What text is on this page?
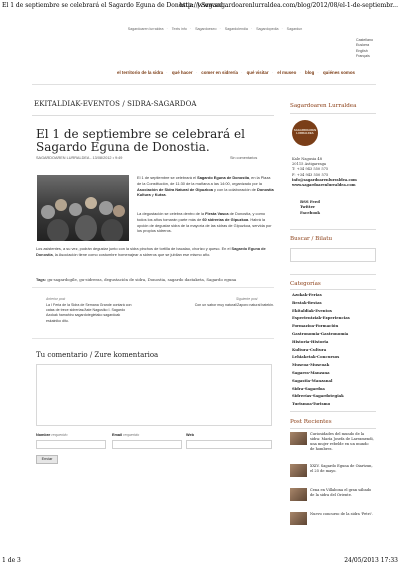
El 1 de septiembre se celebrará el Sagardo Eguna de Donostia. | Sagard...
http://www.sagardoarenlurraldea.com/blog/2012/08/el-1-de-septiembr...
Sagardoaren lurraldea · Texts info · Sagardoeseo · Sagardolendia · Sagardopedia · Sagardun
Castellano
Euskera
English
Français
el territorio de la sidra · qué hacer · comer en sidrería · qué visitar · el museo · blog · quiénes somos
EKITALDIAK-EVENTOS / SIDRA-SAGARDOA
El 1 de septiembre se celebrará el Sagardo Eguna de Donostia.
SAGARDOAREN LURRALDEA - 13/08/2012 • 9:49	Sin comentarios
El 1 de septiembre se celebrará el Sagardo Eguna de Donostia, en la Plaza de la Constitución, de 11:30 de la mañana a las 14:00, organizado por la Asociación de Sidra Natural de Gipuzkoa y con la colaboración de Donostia Kultura y Kutxa.
La degustación se celebra dentro de la Fiesta Vasca de Donostia, y como todos los años tomarán parte más de 60 sidrerías de Gipuzkoa. Habrá la opción de degustar sidra de la mayoría de las sidras de Gipuzkoa, servida por los propios sidreros.
Los asistentes, a su vez, podrán degustar junto con la sidra pinchos de tortilla de bacalao, chorizo y queso. En el Sagardo Eguna de Donostia, la Asociación tiene como costumbre homenajear a sidreros que se jubilan ese mismo año.
Tags: gu-sagardogile, gu-sidreras, degustación de sidra, Donostia, sagardo dastaketa, Sagardo eguna
Anterior post
La I Feria de la Sidra de Semana Grande contará con catas de trece sidrerías/Aste Nagusiko I. Sagardo Azokak hamahiru sagardotegietako sagardoak eskainiko ditu.
Siguiente post
Con un sabor muy natural/Zaporo natural batekin.
Tu comentario / Zure komentarioa
Nombre requerido	Email requerido	Web
Enviar
Sagardoaren Lurraldea
SAGARDOAREN
LURRALDEA
Kale Nagusia 48
20115 Astigarraga
T: +34 943 550 575
F: +34 943 550 575
info@sagardoarenlurraldea.com
www.sagardoarenlurraldea.com
RSS Feed
Twitter
Facebook
Buscar / Bilatu
Categorías
Azokak-Ferias
Bestak-fiestas
Ekitaldiak-Eventos
Esperientziak-Experiencias
Formazioa-Formación
Gastronomia-Gastronomía
Historia-Historia
Kultura-Cultura
Lehiaketak-Concursos
Museoa-Museoak
Sagarra-Manzana
Sagastia-Manzanal
Sidra-Sagardoa
Sidrerías-Sagardotegiak
Turismoa-Turismo
Post Recientes
Curiosidades del mundo de la sidra: María Josefa de Larramendi, una mujer rebelde en un mundo de hombres.
XXIV. Sagardo Eguna de Oiartzun, el 25 de mayo.
Cena en Villabona el gran sábado de la sidra del Oriente.
Nuevo concurso de la sidra 'Petri'.
1 de 3	24/05/2013 17:33
